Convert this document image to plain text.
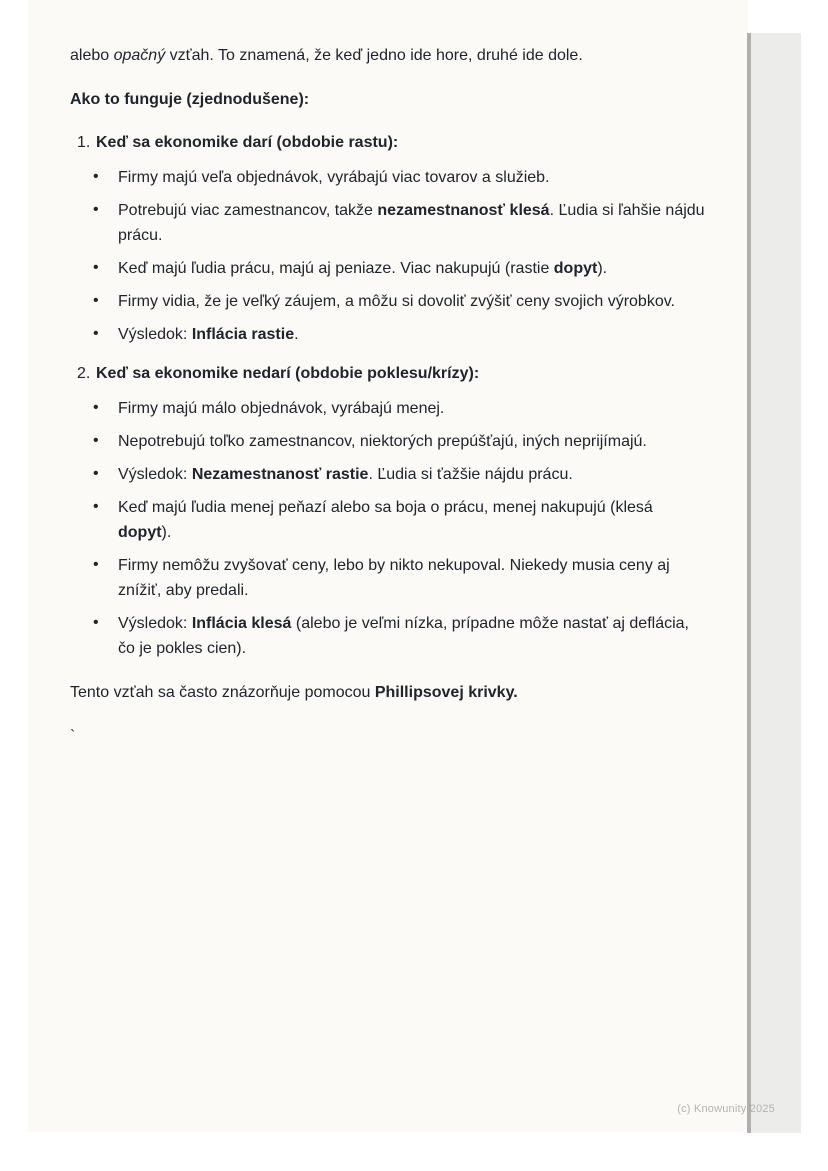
alebo opačný vzťah. To znamená, že keď jedno ide hore, druhé ide dole.

Ako to funguje (zjednodušene):

1. Keď sa ekonomike darí (obdobie rastu):
• Firmy majú veľa objednávok, vyrábajú viac tovarov a služieb.
• Potrebujú viac zamestnancov, takže nezamestnanosť klesá. Ľudia si ľahšie nájdu prácu.
• Keď majú ľudia prácu, majú aj peniaze. Viac nakupujú (rastie dopyt).
• Firmy vidia, že je veľký záujem, a môžu si dovoliť zvýšiť ceny svojich výrobkov.
• Výsledok: Inflácia rastie.
2. Keď sa ekonomike nedarí (obdobie poklesu/krízy):
• Firmy majú málo objednávok, vyrábajú menej.
• Nepotrebujú toľko zamestnancov, niektorých prepúšťajú, iných neprijímajú.
• Výsledok: Nezamestnanosť rastie. Ľudia si ťažšie nájdu prácu.
• Keď majú ľudia menej peňazí alebo sa boja o prácu, menej nakupujú (klesá dopyt).
• Firmy nemôžu zvyšovať ceny, lebo by nikto nekupoval. Niekedy musia ceny aj znížiť, aby predali.
• Výsledok: Inflácia klesá (alebo je veľmi nízka, prípadne môže nastať aj deflácia, čo je pokles cien).

Tento vzťah sa často znázorňuje pomocou Phillipsovej krivky.

`

(c) Knowunity 2025
